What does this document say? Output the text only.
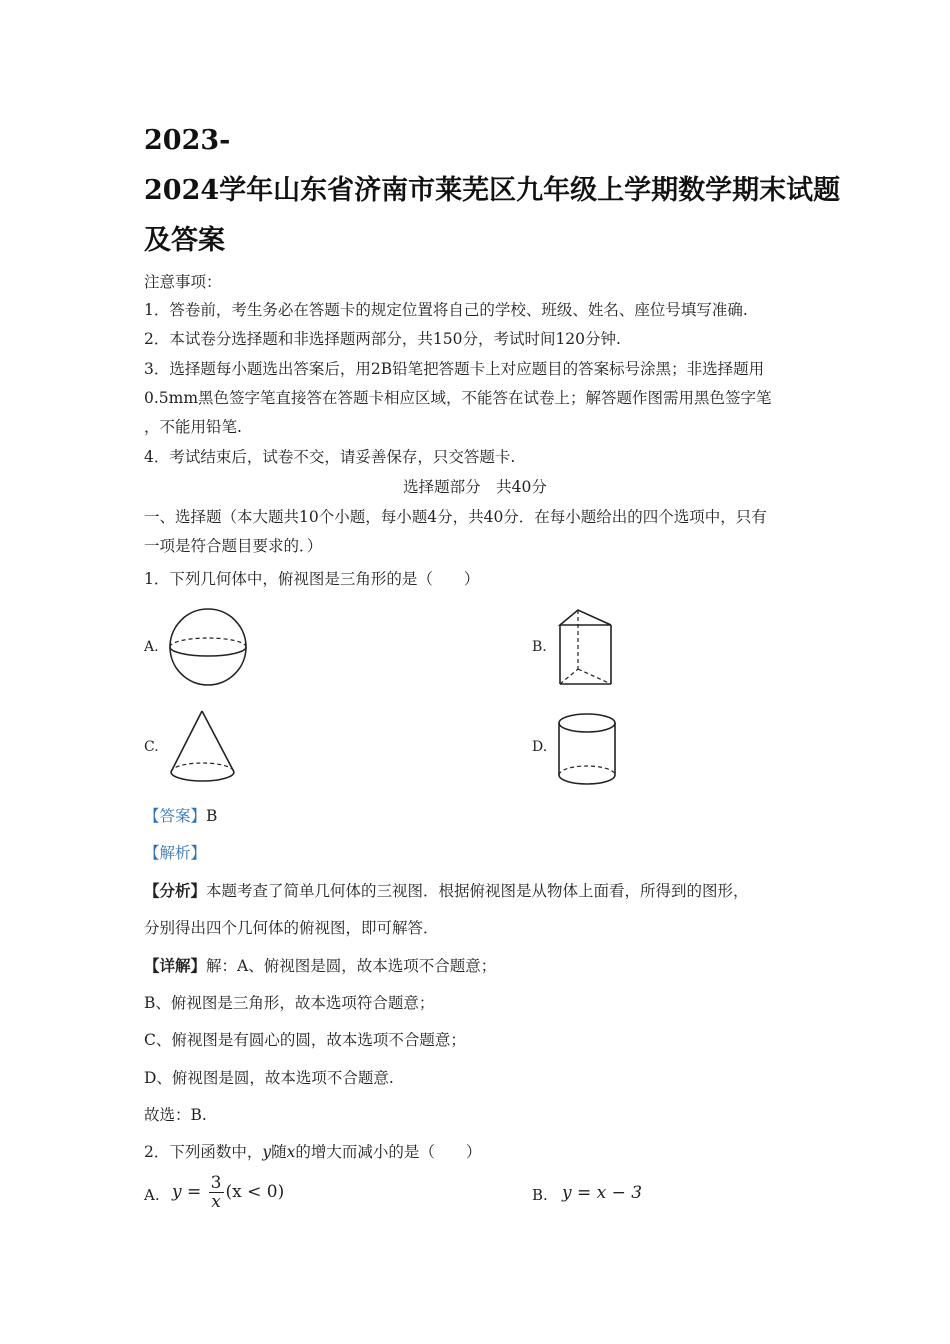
2023-
2024学年山东省济南市莱芜区九年级上学期数学期末试题
及答案
注意事项：
1．答卷前，考生务必在答题卡的规定位置将自己的学校、班级、姓名、座位号填写准确.
2．本试卷分选择题和非选择题两部分，共150分，考试时间120分钟.
3．选择题每小题选出答案后，用2B铅笔把答题卡上对应题目的答案标号涂黑；非选择题用
0.5mm黑色签字笔直接答在答题卡相应区域，不能答在试卷上；解答题作图需用黑色签字笔
，不能用铅笔.
4．考试结束后，试卷不交，请妥善保存，只交答题卡.
选择题部分　共40分
一、选择题（本大题共10个小题，每小题4分，共40分．在每小题给出的四个选项中，只有
一项是符合题目要求的．）
1．下列几何体中，俯视图是三角形的是（　　）
A.	B.
C.	D.
【答案】B
【解析】
【分析】本题考查了简单几何体的三视图．根据俯视图是从物体上面看，所得到的图形，
分别得出四个几何体的俯视图，即可解答．
【详解】解：A、俯视图是圆，故本选项不合题意；
B、俯视图是三角形，故本选项符合题意；
C、俯视图是有圆心的圆，故本选项不合题意；
D、俯视图是圆，故本选项不合题意.
故选：B.
2．下列函数中，y随x的增大而减小的是（　　）
A. $y = \frac{3}{x} (x < 0)$	B. y = x − 3
